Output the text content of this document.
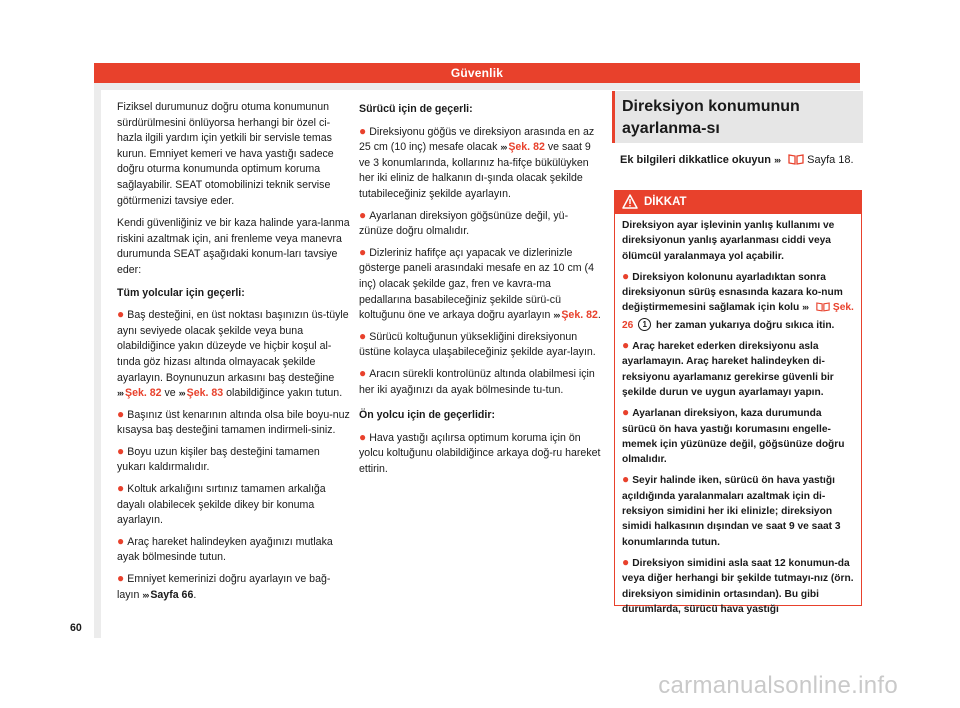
Güvenlik

Fiziksel durumunuz doğru otuma konumunun sürdürülmesini önlüyorsa herhangi bir özel ci-hazla ilgili yardım için yetkili bir servisle temas kurun. Emniyet kemeri ve hava yastığı sadece doğru oturma konumunda optimum koruma sağlayabilir. SEAT otomobilinizi teknik servise götürmenizi tavsiye eder.

Kendi güvenliğiniz ve bir kaza halinde yara-lanma riskini azaltmak için, ani frenleme veya manevra durumunda SEAT aşağıdaki konum-ları tavsiye eder:

Tüm yolcular için geçerli:

● Baş desteğini, en üst noktası başınızın üs-tüyle aynı seviyede olacak şekilde veya buna olabildiğince yakın düzeyde ve hiçbir koşul al-tında göz hizası altında olmayacak şekilde ayarlayın. Boynunuzun arkasını baş desteğine ››› Şek. 82 ve ››› Şek. 83 olabildiğince yakın tutun.

● Başınız üst kenarının altında olsa bile boyu-nuz kısaysa baş desteğini tamamen indirmeli-siniz.

● Boyu uzun kişiler baş desteğini tamamen yukarı kaldırmalıdır.

● Koltuk arkalığını sırtınız tamamen arkalığa dayalı olabilecek şekilde dikey bir konuma ayarlayın.

● Araç hareket halindeyken ayağınızı mutlaka ayak bölmesinde tutun.

● Emniyet kemerinizi doğru ayarlayın ve bağ-layın ››› Sayfa 66.

60

Sürücü için de geçerli:

● Direksiyonu göğüs ve direksiyon arasında en az 25 cm (10 inç) mesafe olacak ››› Şek. 82 ve saat 9 ve 3 konumlarında, kollarınız ha-fifçe bükülüyken her iki eliniz de halkanın dı-şında olacak şekilde tutabileceğiniz şekilde ayarlayın.

● Ayarlanan direksiyon göğsünüze değil, yü-zünüze doğru olmalıdır.

● Dizleriniz hafifçe açı yapacak ve dizlerinizle gösterge paneli arasındaki mesafe en az 10 cm (4 inç) olacak şekilde gaz, fren ve kavra-ma pedallarına basabileceğiniz şekilde sürü-cü koltuğunu öne ve arkaya doğru ayarlayın ››› Şek. 82.

● Sürücü koltuğunun yüksekliğini direksiyonun üstüne kolayca ulaşabileceğiniz şekilde ayar-layın.

● Aracın sürekli kontrolünüz altında olabilmesi için her iki ayağınızı da ayak bölmesinde tu-tun.

Ön yolcu için de geçerlidir:

● Hava yastığı açılırsa optimum koruma için ön yolcu koltuğunu olabildiğince arkaya doğ-ru hareket ettirin.

Direksiyon konumunun ayarlanma-sı
Ek bilgileri dikkatlice okuyun ››› Sayfa 18.
DİKKAT

Direksiyon ayar işlevinin yanlış kullanımı ve direksiyonun yanlış ayarlanması ciddi veya ölümcül yaralanmaya yol açabilir.

● Direksiyon kolonunu ayarladıktan sonra direksiyonun sürüş esnasında kazara ko-num değiştirmemesini sağlamak için kolu ››› Şek. 26 1 her zaman yukarıya doğru sıkıca itin.

● Araç hareket ederken direksiyonu asla ayarlamayın. Araç hareket halindeyken di-reksiyonu ayarlamanız gerekirse güvenli bir şekilde durun ve uygun ayarlamayı yapın.

● Ayarlanan direksiyon, kaza durumunda sürücü ön hava yastığı korumasını engelle-memek için yüzünüze değil, göğsünüze doğru olmalıdır.

● Seyir halinde iken, sürücü ön hava yastığı açıldığında yaralanmaları azaltmak için di-reksiyon simidini her iki elinizle; direksiyon simidi halkasının dışından ve saat 9 ve saat 3 konumlarında tutun.

● Direksiyon simidini asla saat 12 konumun-da veya diğer herhangi bir şekilde tutmayı-nız (örn. direksiyon simidinin ortasından). Bu gibi durumlarda, sürücü hava yastığı

carmanualsonline.info
